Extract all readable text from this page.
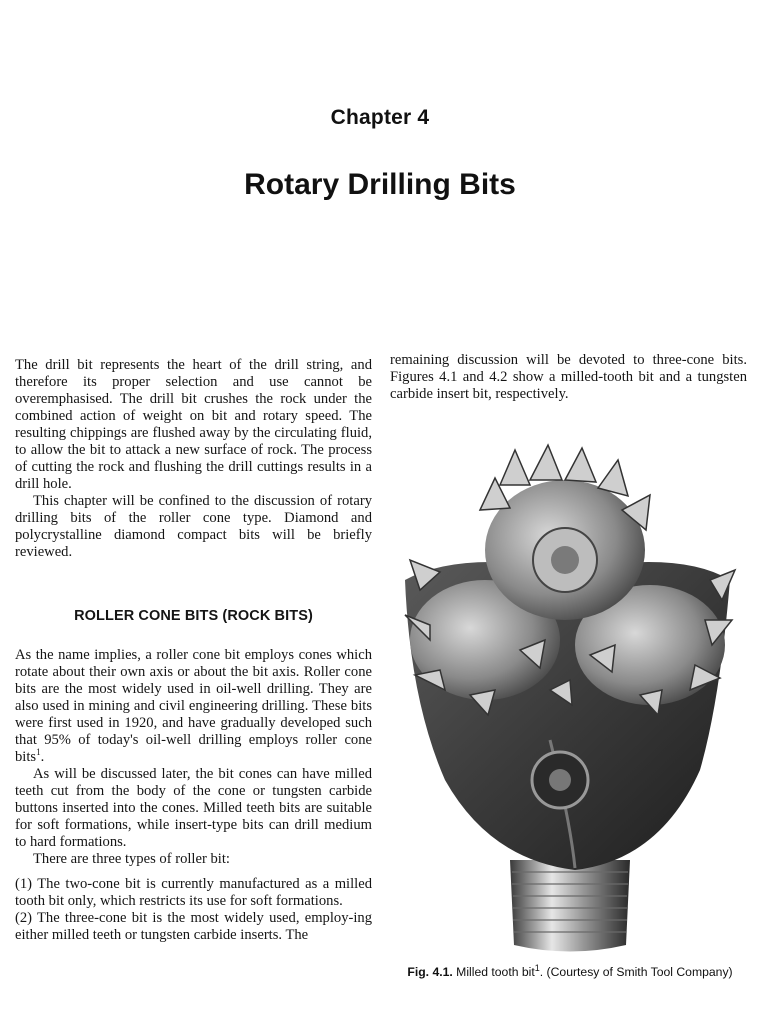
Chapter 4
Rotary Drilling Bits

The drill bit represents the heart of the drill string, and therefore its proper selection and use cannot be overemphasised. The drill bit crushes the rock under the combined action of weight on bit and rotary speed. The resulting chippings are flushed away by the circulating fluid, to allow the bit to attack a new surface of rock. The process of cutting the rock and flushing the drill cuttings results in a drill hole.

This chapter will be confined to the discussion of rotary drilling bits of the roller cone type. Diamond and polycrystalline diamond compact bits will be briefly reviewed.

ROLLER CONE BITS (ROCK BITS)

As the name implies, a roller cone bit employs cones which rotate about their own axis or about the bit axis. Roller cone bits are the most widely used in oil-well drilling. They are also used in mining and civil engineering drilling. These bits were first used in 1920, and have gradually developed such that 95% of today's oil-well drilling employs roller cone bits$^1$.

As will be discussed later, the bit cones can have milled teeth cut from the body of the cone or tungsten carbide buttons inserted into the cones. Milled teeth bits are suitable for soft formations, while insert-type bits can drill medium to hard formations.

There are three types of roller bit:

(1) The two-cone bit is currently manufactured as a milled tooth bit only, which restricts its use for soft formations.

(2) The three-cone bit is the most widely used, employ-ing either milled teeth or tungsten carbide inserts. The

remaining discussion will be devoted to three-cone bits. Figures 4.1 and 4.2 show a milled-tooth bit and a tungsten carbide insert bit, respectively.

Fig. 4.1. Milled tooth bit$^1$. (Courtesy of Smith Tool Company)
